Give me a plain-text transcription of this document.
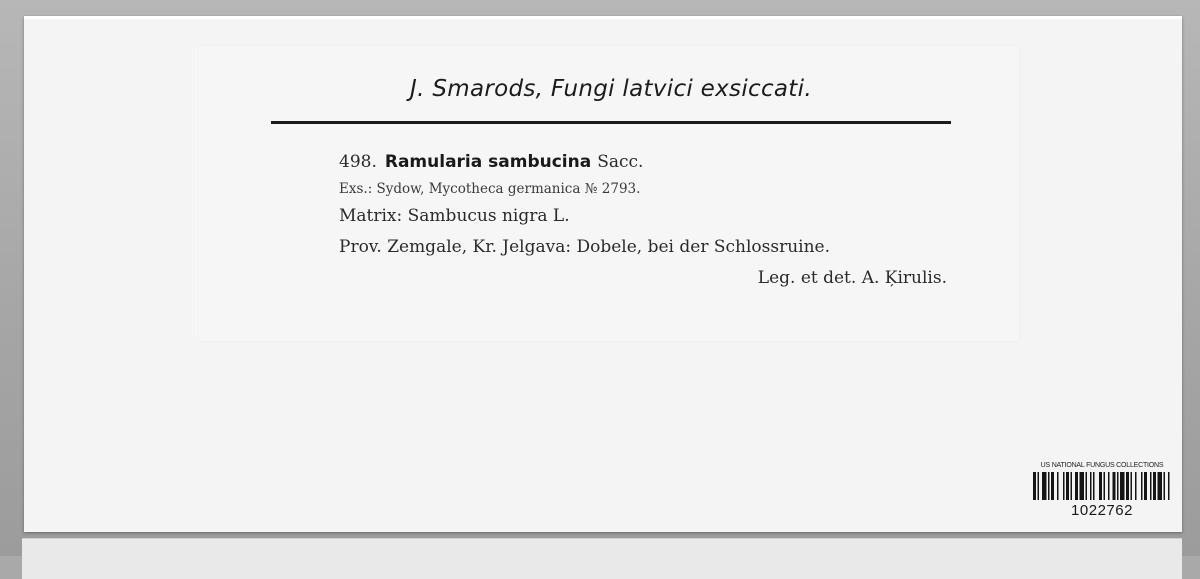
J. Smarods, Fungi latvici exsiccati.
498. Ramularia sambucina Sacc.
Exs.: Sydow, Mycotheca germanica № 2793.
Matrix: Sambucus nigra L.
Prov. Zemgale, Kr. Jelgava: Dobele, bei der Schlossruine.
Leg. et det. A. Ķirulis.
US NATIONAL FUNGUS COLLECTIONS
1022762
